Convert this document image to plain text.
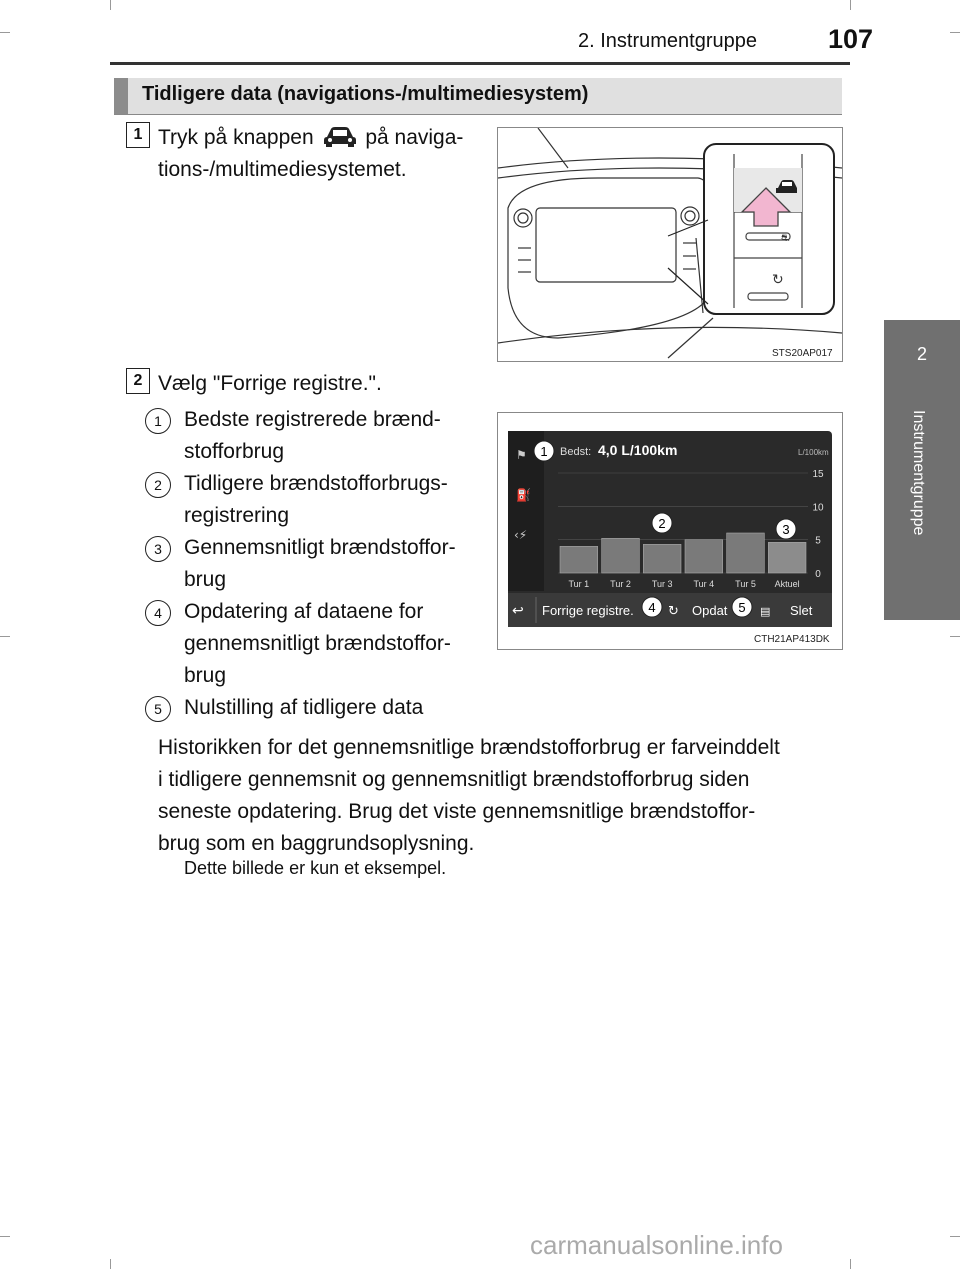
2. Instrumentgruppe	107
2
Instrumentgruppe
Tidligere data (navigations-/multimediesystem)
1 Tryk på knappen på naviga-
tions-/multimediesystemet.
⛐
↻
STS20AP017
2 Vælg "Forrige registre.".
1	Bedste registrerede brænd-
stofforbrug
2	Tidligere brændstofforbrugs-
registrering
3	Gennemsnitligt brændstoffor-
brug
4	Opdatering af dataene for
gennemsnitligt brændstoffor-
brug
5	Nulstilling af tidligere data
⚑
⛽
‹⚡
Bedst: 4,0 L/100km	L/100km
15
10
5
0
Tur 1 Tur 2 Tur 3 Tur 4 Tur 5 Aktuel
↩ Forrige registre.	↻ Opdat	▤ Slet
1
2	3
4	5
CTH21AP413DK
Historikken for det gennemsnitlige brændstofforbrug er farveinddelt
i tidligere gennemsnit og gennemsnitligt brændstofforbrug siden
seneste opdatering. Brug det viste gennemsnitlige brændstoffor-
brug som en baggrundsoplysning.
Dette billede er kun et eksempel.
carmanualsonline.info
